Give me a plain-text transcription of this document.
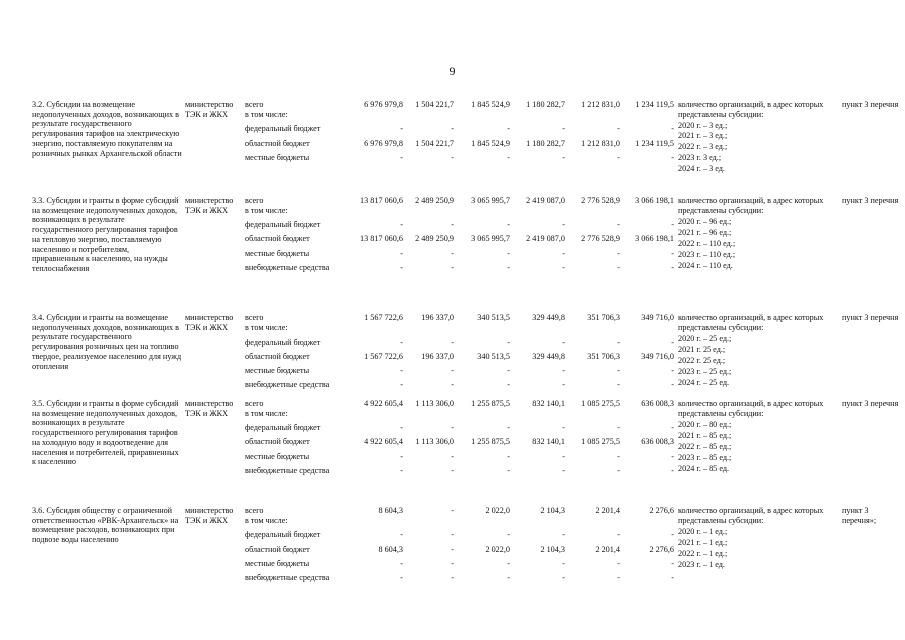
9
3.2. Субсидии на возмещение недополученных доходов, возникающих в результате государственного регулирования тарифов на электрическую энергию, поставляемую покупателям на розничных рынках Архангельской области
министерство ТЭК и ЖКХ
всего	6 976 979,8	1 504 221,7	1 845 524,9	1 180 282,7	1 212 831,0	1 234 119,5
в том числе:
федеральный бюджет	-	-	-	-	-	-
областной бюджет	6 976 979,8	1 504 221,7	1 845 524,9	1 180 282,7	1 212 831,0	1 234 119,5
местные бюджеты	-	-	-	-	-	-
количество организаций, в адрес которых представлены субсидии:
2020 г. – 3 ед.;
2021 г. – 3 ед.;
2022 г. – 3 ед.;
2023 г. 3 ед.;
2024 г. – 3 ед.
пункт 3 перечня
3.3. Субсидии и гранты в форме субсидий на возмещение недополученных доходов, возникающих в результате государственного регулирования тарифов на тепловую энергию, поставляемую населению и потребителям, приравненным к населению, на нужды теплоснабжения
министерство ТЭК и ЖКХ
всего	13 817 060,6	2 489 250,9	3 065 995,7	2 419 087,0	2 776 528,9	3 066 198,1
в том числе:
федеральный бюджет	-	-	-	-	-	-
областной бюджет	13 817 060,6	2 489 250,9	3 065 995,7	2 419 087,0	2 776 528,9	3 066 198,1
местные бюджеты	-	-	-	-	-	-
внебюджетные средства	-	-	-	-	-	-
количество организаций, в адрес которых представлены субсидии:
2020 г. – 96 ед.;
2021 г. – 96 ед.;
2022 г. – 110 ед.;
2023 г. – 110 ед.;
2024 г. – 110 ед.
пункт 3 перечня
3.4. Субсидии и гранты на возмещение недополученных доходов, возникающих в результате государственного регулирования розничных цен на топливо твердое, реализуемое населению для нужд отопления
министерство ТЭК и ЖКХ
всего	1 567 722,6	196 337,0	340 513,5	329 449,8	351 706,3	349 716,0
в том числе:
федеральный бюджет	-	-	-	-	-	-
областной бюджет	1 567 722,6	196 337,0	340 513,5	329 449,8	351 706,3	349 716,0
местные бюджеты	-	-	-	-	-	-
внебюджетные средства	-	-	-	-	-	-
количество организаций, в адрес которых представлены субсидии:
2020 г. – 25 ед.;
2021 г. 25 ед.;
2022 г. 25 ед.;
2023 г. – 25 ед.;
2024 г. – 25 ед.
пункт 3 перечня
3.5. Субсидии и гранты в форме субсидий на возмещение недополученных доходов, возникающих в результате государственного регулирования тарифов на холодную воду и водоотведение для населения и потребителей, приравненных к населению
министерство ТЭК и ЖКХ
всего	4 922 605,4	1 113 306,0	1 255 875,5	832 140,1	1 085 275,5	636 008,3
в том числе:
федеральный бюджет	-	-	-	-	-	-
областной бюджет	4 922 605,4	1 113 306,0	1 255 875,5	832 140,1	1 085 275,5	636 008,3
местные бюджеты	-	-	-	-	-	-
внебюджетные средства	-	-	-	-	-	-
количество организаций, в адрес которых представлены субсидии:
2020 г. – 80 ед.;
2021 г. – 85 ед.;
2022 г. – 85 ед.;
2023 г. – 85 ед.;
2024 г. – 85 ед.
пункт 3 перечня
3.6. Субсидия обществу с ограниченной ответственностью «РВК-Архангельск» на возмещение расходов, возникающих при подвозе воды населению
министерство ТЭК и ЖКХ
всего	8 604,3	-	2 022,0	2 104,3	2 201,4	2 276,6
в том числе:
федеральный бюджет	-	-	-	-	-	-
областной бюджет	8 604,3	-	2 022,0	2 104,3	2 201,4	2 276,6
местные бюджеты	-	-	-	-	-	-
внебюджетные средства	-	-	-	-	-	-
количество организаций, в адрес которых представлены субсидии:
2020 г. – 1 ед.;
2021 г. – 1 ед.;
2022 г. – 1 ед.;
2023 г. – 1 ед.
пункт 3 перечня»;
